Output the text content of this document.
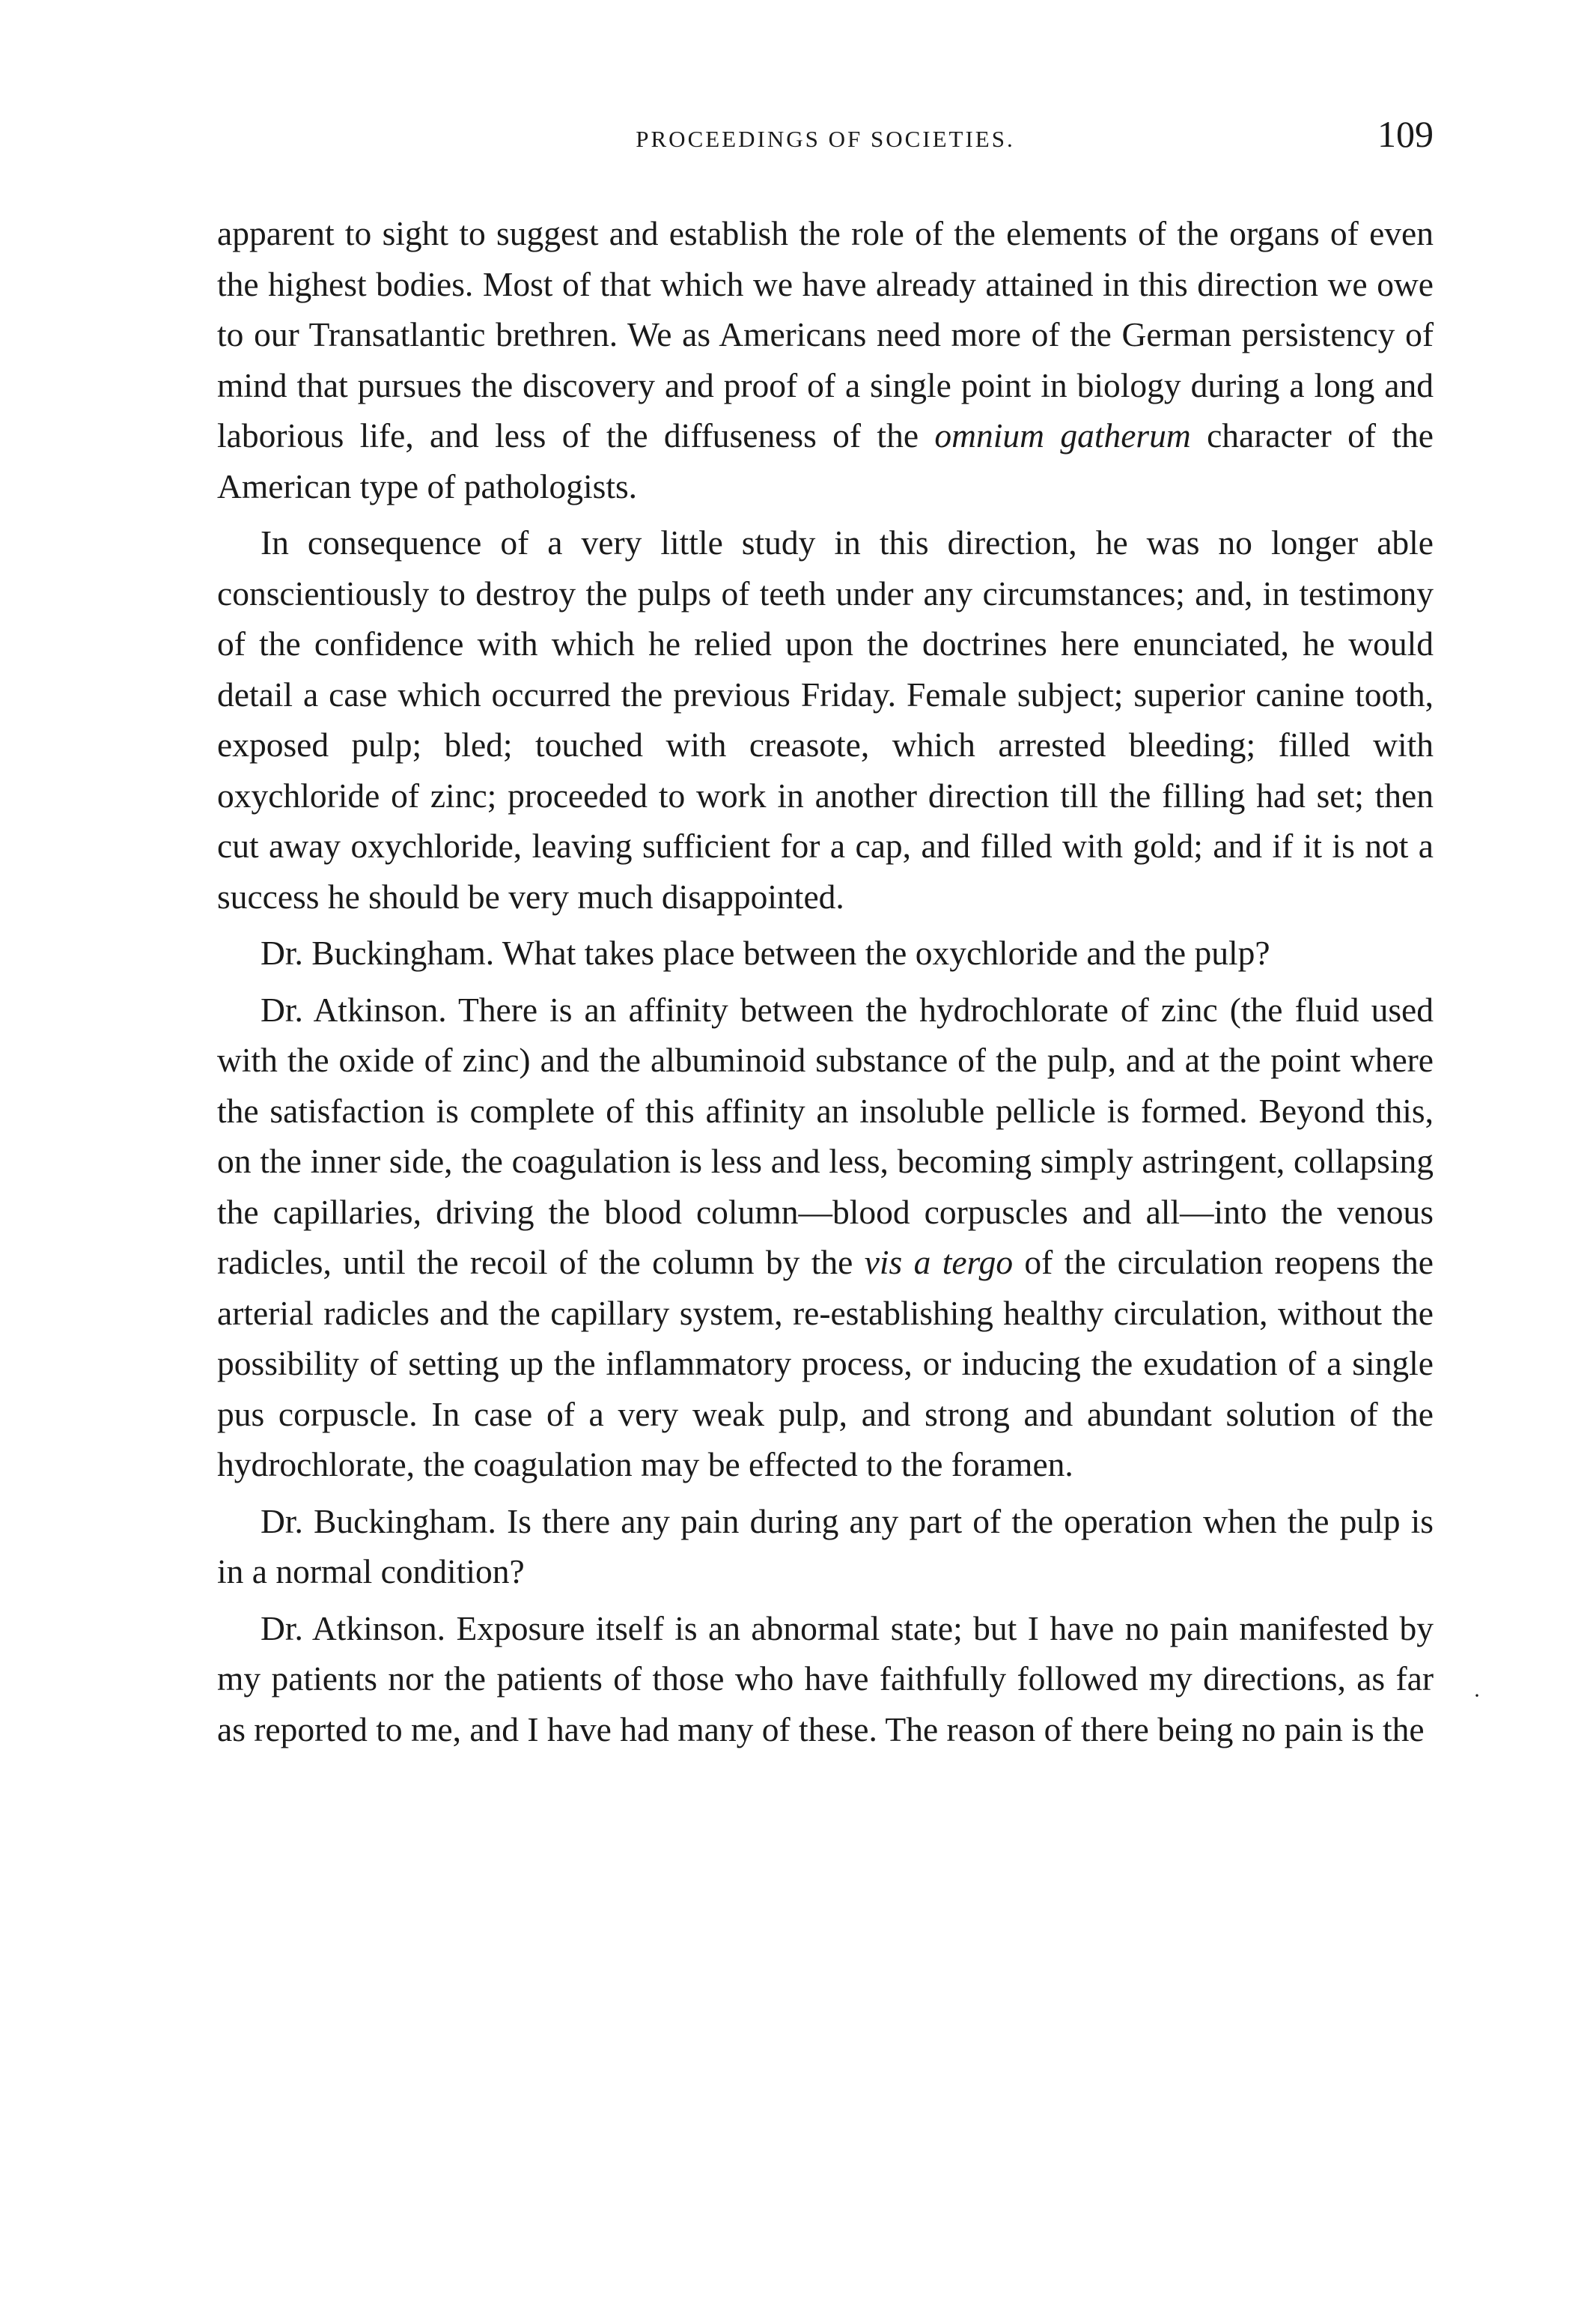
PROCEEDINGS OF SOCIETIES.	109

apparent to sight to suggest and establish the role of the elements of the organs of even the highest bodies. Most of that which we have already attained in this direction we owe to our Transatlantic brethren. We as Americans need more of the German persistency of mind that pursues the discovery and proof of a single point in biology during a long and laborious life, and less of the diffuseness of the omnium gatherum character of the American type of pathologists.

In consequence of a very little study in this direction, he was no longer able conscientiously to destroy the pulps of teeth under any circumstances; and, in testimony of the confidence with which he relied upon the doctrines here enunciated, he would detail a case which occurred the previous Friday. Female subject; superior canine tooth, exposed pulp; bled; touched with creasote, which arrested bleeding; filled with oxychloride of zinc; proceeded to work in another direction till the filling had set; then cut away oxychloride, leaving sufficient for a cap, and filled with gold; and if it is not a success he should be very much disappointed.

Dr. Buckingham. What takes place between the oxychloride and the pulp?

Dr. Atkinson. There is an affinity between the hydrochlorate of zinc (the fluid used with the oxide of zinc) and the albuminoid substance of the pulp, and at the point where the satisfaction is complete of this affinity an insoluble pellicle is formed. Beyond this, on the inner side, the coagulation is less and less, becoming simply astringent, collapsing the capillaries, driving the blood column—blood corpuscles and all—into the venous radicles, until the recoil of the column by the vis a tergo of the circulation reopens the arterial radicles and the capillary system, re-establishing healthy circulation, without the possibility of setting up the inflammatory process, or inducing the exudation of a single pus corpuscle. In case of a very weak pulp, and strong and abundant solution of the hydrochlorate, the coagulation may be effected to the foramen.

Dr. Buckingham. Is there any pain during any part of the operation when the pulp is in a normal condition?

Dr. Atkinson. Exposure itself is an abnormal state; but I have no pain manifested by my patients nor the patients of those who have faithfully followed my directions, as far as reported to me, and I have had many of these. The reason of there being no pain is the

·
